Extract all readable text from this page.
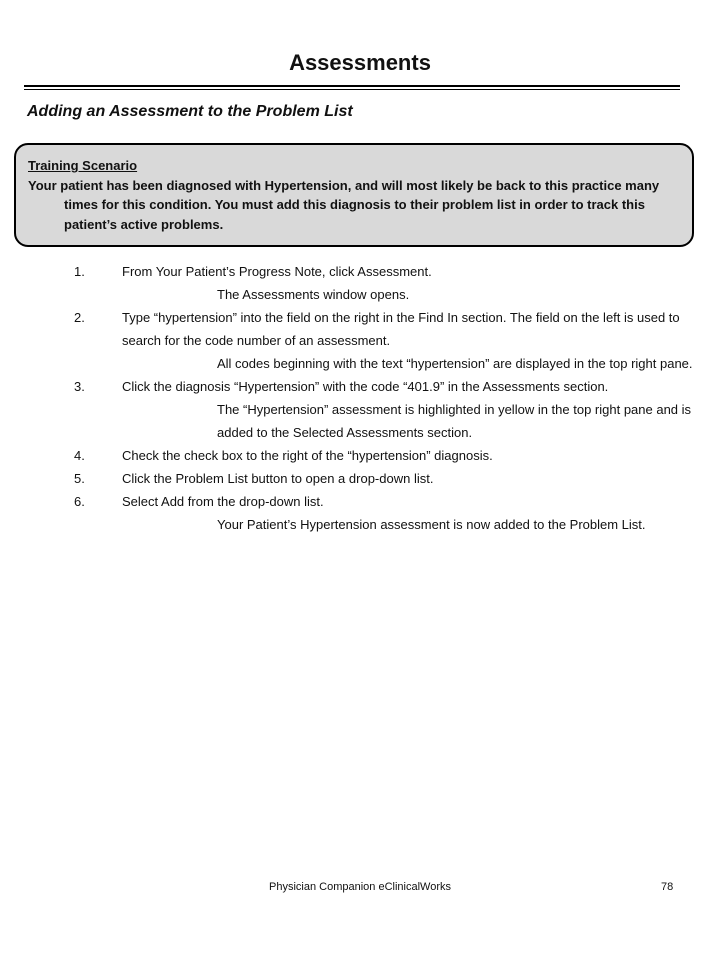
Assessments
Adding an Assessment to the Problem List
Training Scenario
Your patient has been diagnosed with Hypertension, and will most likely be back to this practice many times for this condition. You must add this diagnosis to their problem list in order to track this patient’s active problems.
1.	From Your Patient’s Progress Note, click Assessment.
The Assessments window opens.
2.	Type “hypertension” into the field on the right in the Find In section. The field on the left is used to search for the code number of an assessment.
All codes beginning with the text “hypertension” are displayed in the top right pane.
3.	Click the diagnosis “Hypertension” with the code “401.9” in the Assessments section.
The “Hypertension” assessment is highlighted in yellow in the top right pane and is added to the Selected Assessments section.
4.	Check the check box to the right of the “hypertension” diagnosis.
5.	Click the Problem List button to open a drop-down list.
6.	Select Add from the drop-down list.
Your Patient’s Hypertension assessment is now added to the Problem List.
Physician Companion eClinicalWorks	78
